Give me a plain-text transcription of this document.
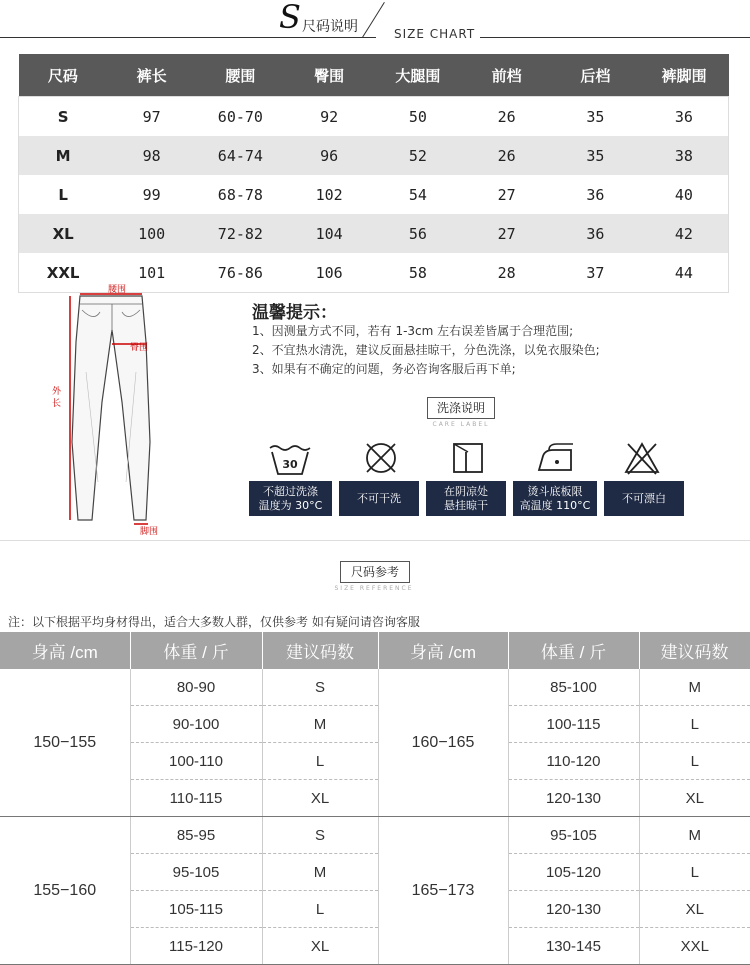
S 尺码说明	SIZE CHART
尺码	裤长	腰围	臀围	大腿围	前档	后档	裤脚围
S	97	60-70	92	50	26	35	36
M	98	64-74	96	52	26	35	38
L	99	68-78	102	54	27	36	40
XL	100	72-82	104	56	27	36	42
XXL	101	76-86	106	58	28	37	44
腰围
臀围
外长
脚围
温馨提示：
1、因测量方式不同，若有 1-3cm 左右误差皆属于合理范围;
2、不宜热水清洗，建议反面悬挂晾干，分色洗涤，以免衣服染色;
3、如果有不确定的问题，务必咨询客服后再下单;
洗涤说明
CARE LABEL
30
不超过洗涤
温度为 30°C
不可干洗
在阴凉处
悬挂晾干
烫斗底板限
高温度 110°C
不可漂白
尺码参考
SIZE REFERENCE
注：以下根据平均身材得出，适合大多数人群，仅供参考 如有疑问请咨询客服
身高 /cm	体重 / 斤	建议码数	身高 /cm	体重 / 斤	建议码数
150−155	80-90	S	160−165	85-100	M
	90-100	M		100-115	L
	100-110	L		110-120	L
	110-115	XL		120-130	XL
155−160	85-95	S	165−173	95-105	M
	95-105	M		105-120	L
	105-115	L		120-130	XL
	115-120	XL		130-145	XXL
